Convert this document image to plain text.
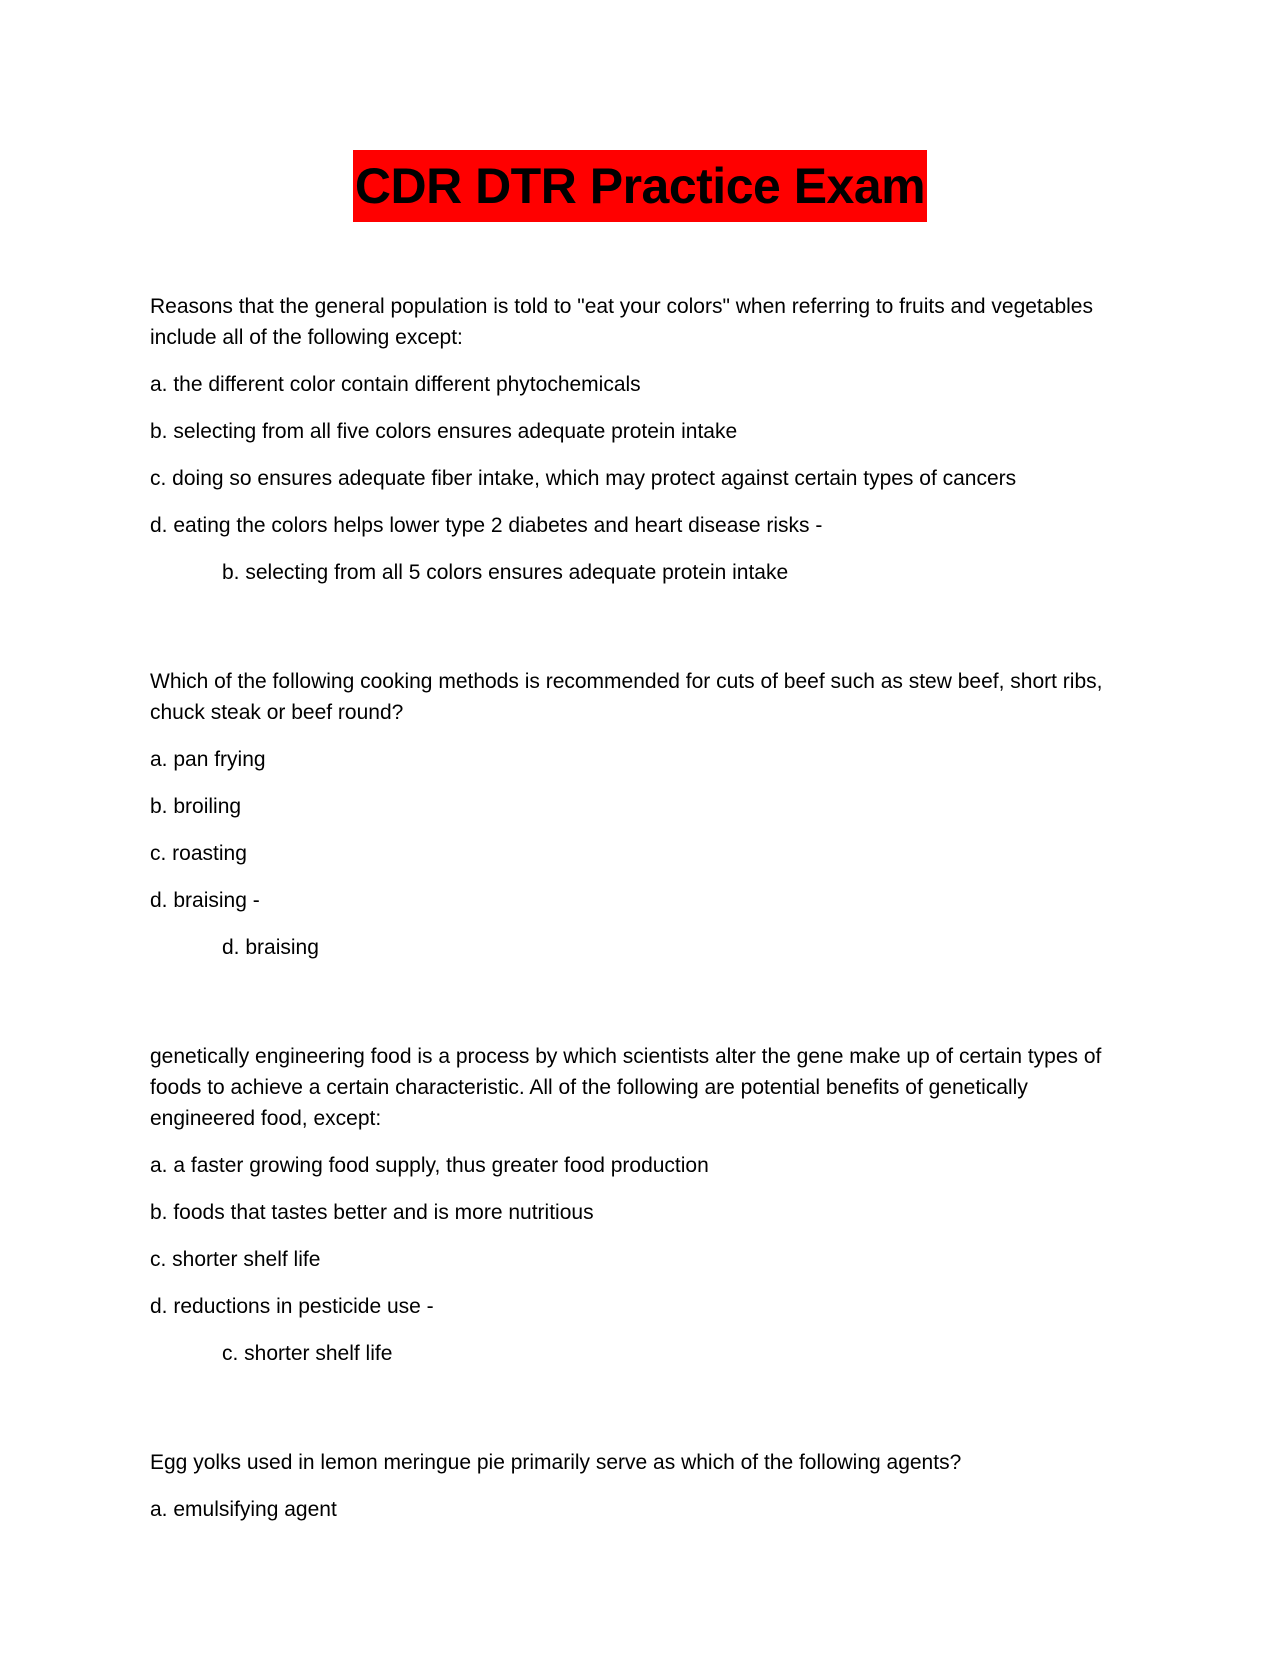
CDR DTR Practice Exam

Reasons that the general population is told to "eat your colors" when referring to fruits and vegetables include all of the following except:

a. the different color contain different phytochemicals

b. selecting from all five colors ensures adequate protein intake

c. doing so ensures adequate fiber intake, which may protect against certain types of cancers

d. eating the colors helps lower type 2 diabetes and heart disease risks -

b. selecting from all 5 colors ensures adequate protein intake

Which of the following cooking methods is recommended for cuts of beef such as stew beef, short ribs, chuck steak or beef round?

a. pan frying

b. broiling

c. roasting

d. braising -

d. braising

genetically engineering food is a process by which scientists alter the gene make up of certain types of foods to achieve a certain characteristic. All of the following are potential benefits of genetically engineered food, except:

a. a faster growing food supply, thus greater food production

b. foods that tastes better and is more nutritious

c. shorter shelf life

d. reductions in pesticide use -

c. shorter shelf life

Egg yolks used in lemon meringue pie primarily serve as which of the following agents?

a. emulsifying agent
